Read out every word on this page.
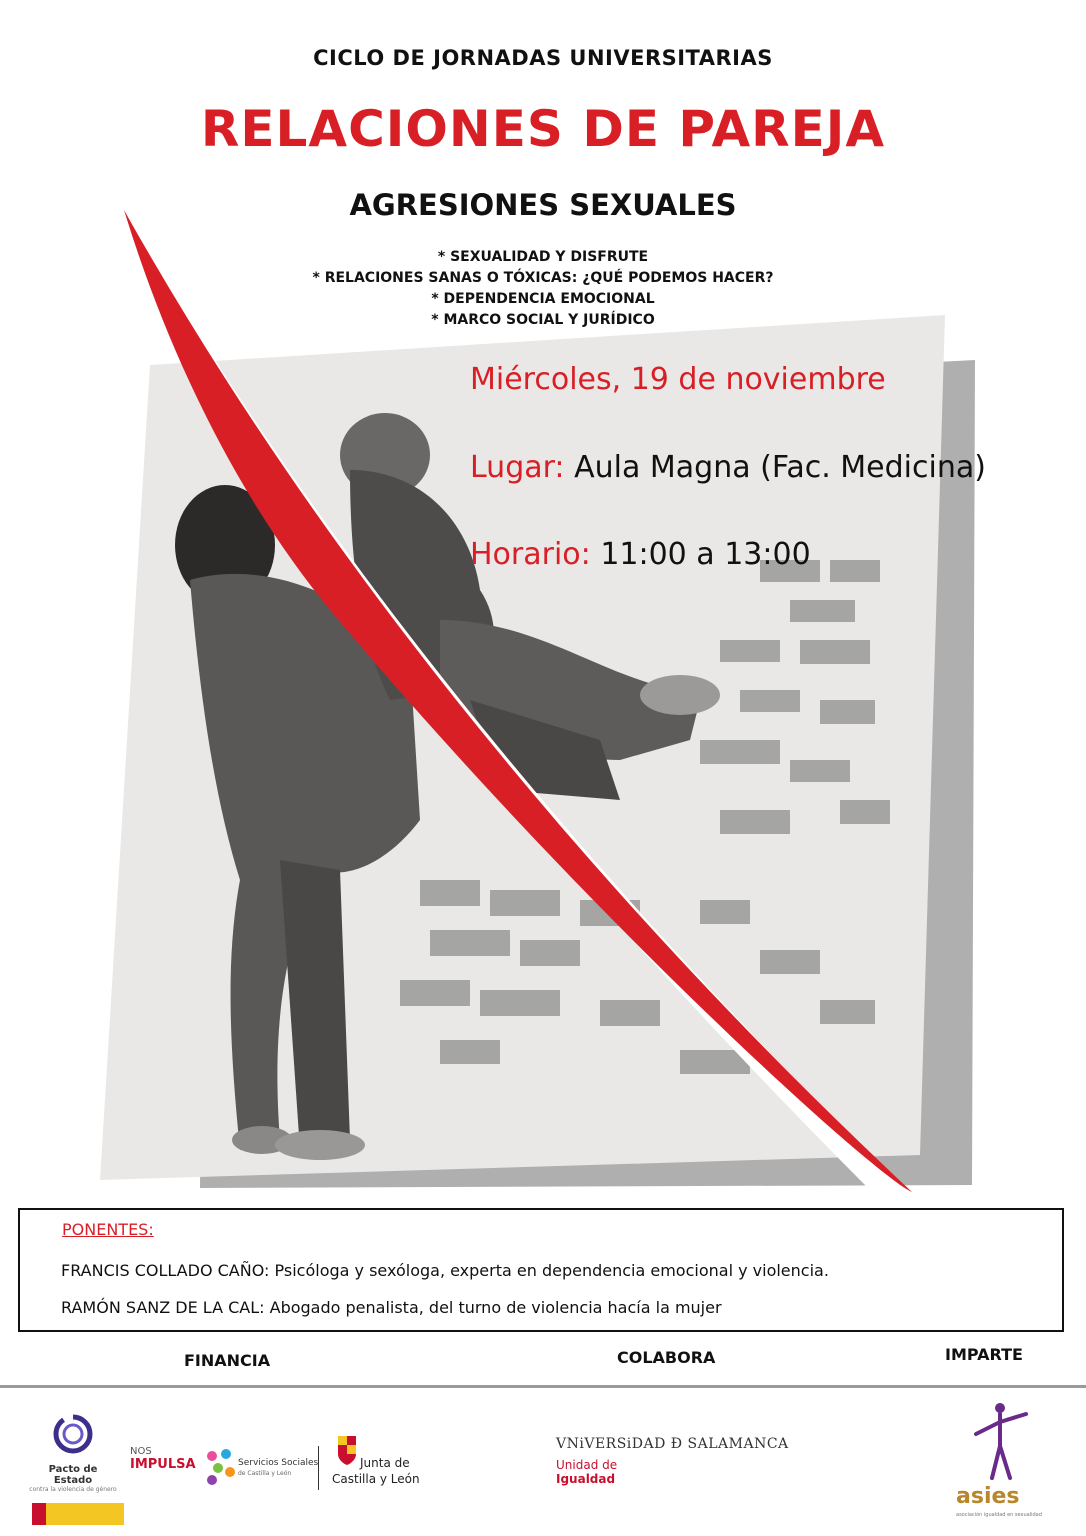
CICLO DE JORNADAS UNIVERSITARIAS
RELACIONES DE PAREJA
AGRESIONES SEXUALES
* SEXUALIDAD Y DISFRUTE
* RELACIONES SANAS O TÓXICAS: ¿QUÉ PODEMOS HACER?
* DEPENDENCIA EMOCIONAL
* MARCO SOCIAL Y JURÍDICO
Miércoles, 19 de noviembre
Lugar: Aula Magna (Fac. Medicina)
Horario: 11:00 a 13:00
PONENTES:
FRANCIS COLLADO CAÑO: Psicóloga y sexóloga, experta en dependencia emocional y violencia.
RAMÓN SANZ DE LA CAL: Abogado penalista, del turno de violencia hacía la mujer
FINANCIA	COLABORA	IMPARTE
Pacto de Estado
contra la violencia de género
NOS
IMPULSA	Servicios Sociales
de Castilla y León
Junta de
Castilla y León
VNiVERSiDAD Ð SALAMANCA
Unidad de
Igualdad
asies
asociación igualdad en sexualidad
